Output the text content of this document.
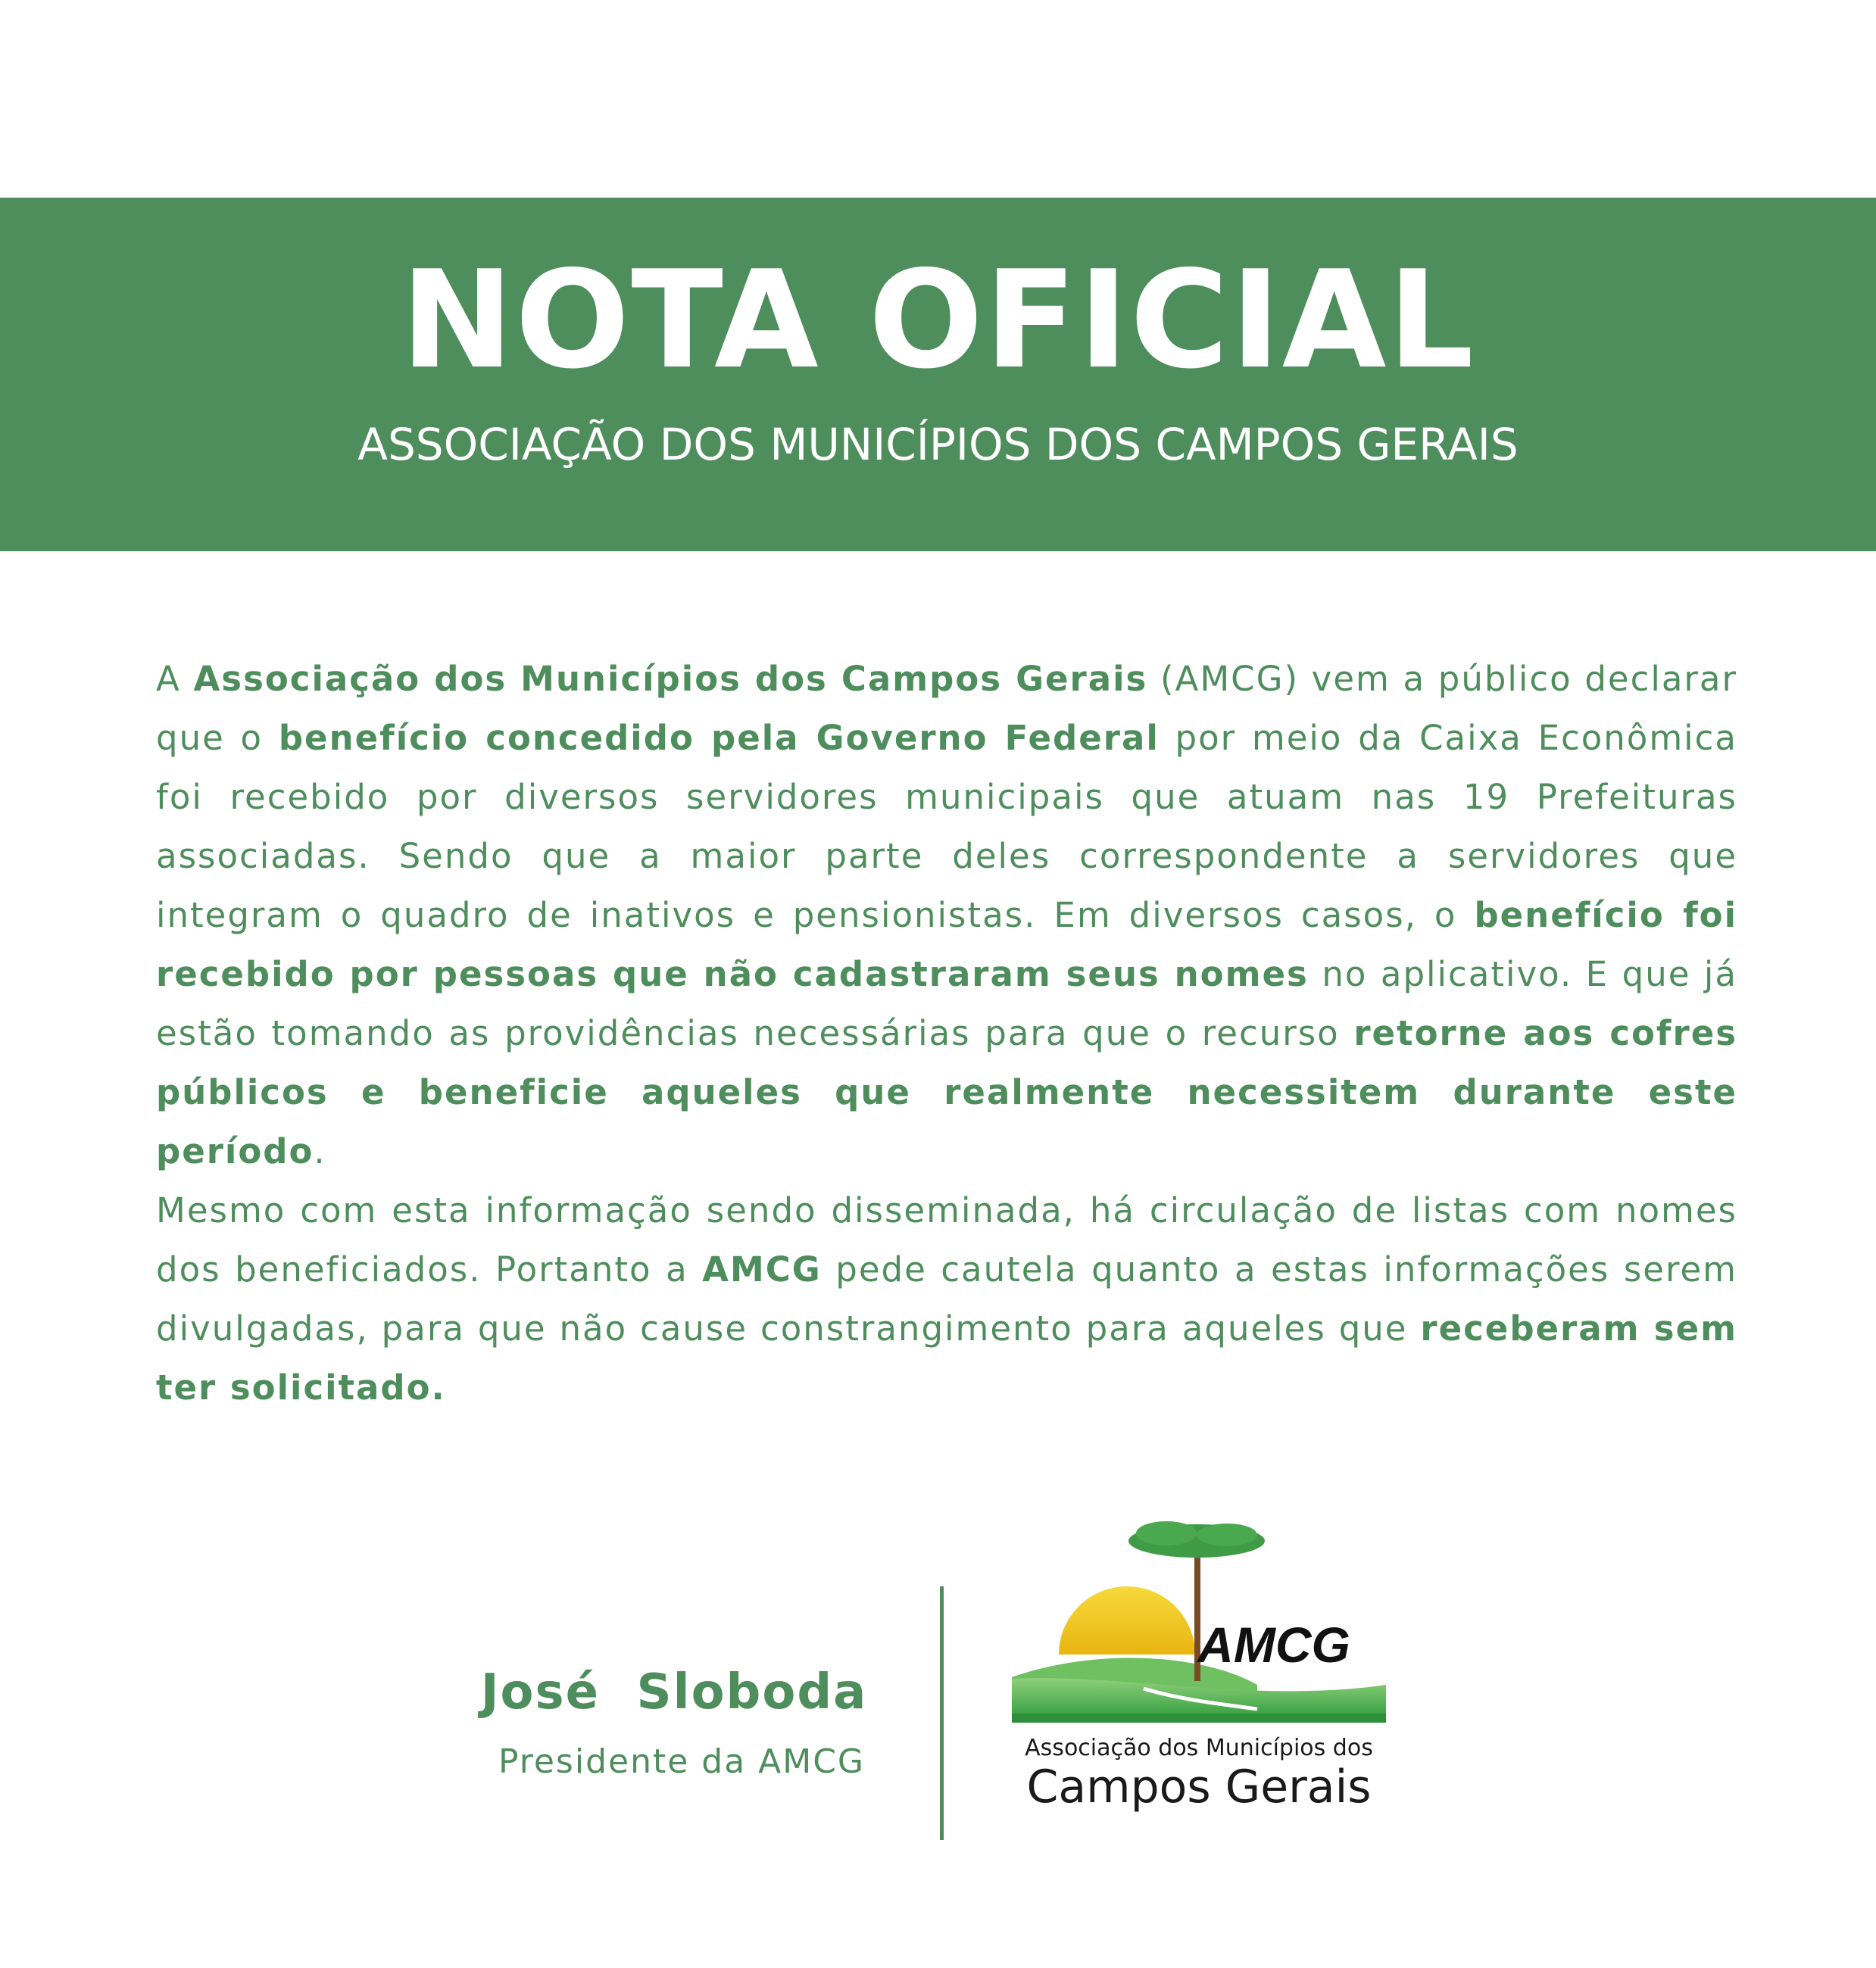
NOTA OFICIAL
ASSOCIAÇÃO DOS MUNICÍPIOS DOS CAMPOS GERAIS

A Associação dos Municípios dos Campos Gerais (AMCG) vem a público declarar que o benefício concedido pela Governo Federal por meio da Caixa Econômica foi recebido por diversos servidores municipais que atuam nas 19 Prefeituras associadas. Sendo que a maior parte deles correspondente a servidores que integram o quadro de inativos e pensionistas. Em diversos casos, o benefício foi recebido por pessoas que não cadastraram seus nomes no aplicativo. E que já estão tomando as providências necessárias para que o recurso retorne aos cofres públicos e beneficie aqueles que realmente necessitem durante este período.

Mesmo com esta informação sendo disseminada, há circulação de listas com nomes dos beneficiados. Portanto a AMCG pede cautela quanto a estas informações serem divulgadas, para que não cause constrangimento para aqueles que receberam sem ter solicitado.

José  Sloboda
Presidente da AMCG
AMCG
Associação dos Municípios dos
Campos Gerais
